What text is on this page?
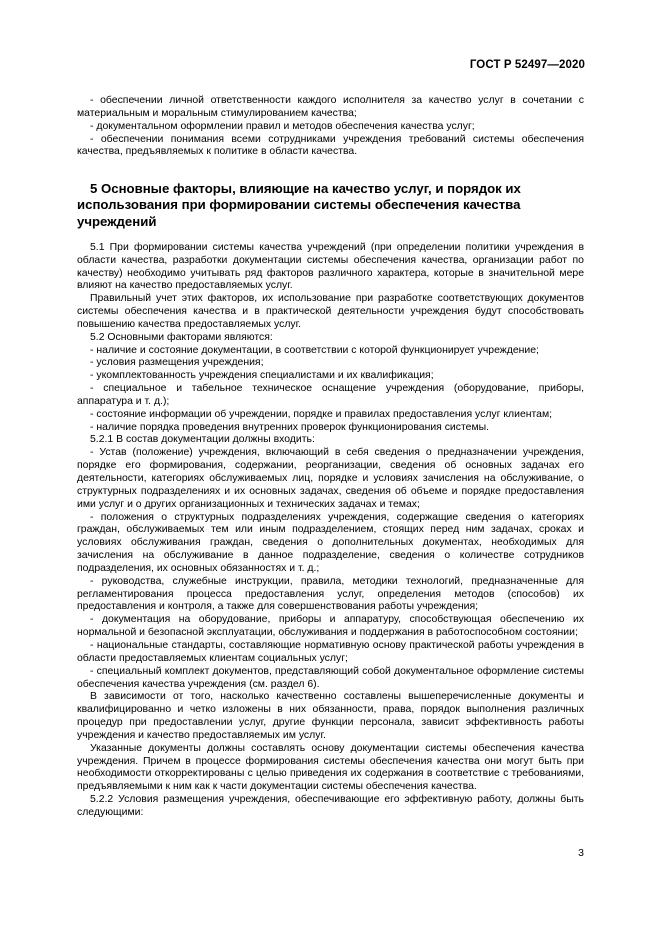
ГОСТ Р 52497—2020

- обеспечении личной ответственности каждого исполнителя за качество услуг в сочетании с материальным и моральным стимулированием качества;

- документальном оформлении правил и методов обеспечения качества услуг;

- обеспечении понимания всеми сотрудниками учреждения требований системы обеспечения качества, предъявляемых к политике в области качества.

5 Основные факторы, влияющие на качество услуг, и порядок их использования при формировании системы обеспечения качества учреждений

5.1 При формировании системы качества учреждений (при определении политики учреждения в области качества, разработки документации системы обеспечения качества, организации работ по качеству) необходимо учитывать ряд факторов различного характера, которые в значительной мере влияют на качество предоставляемых услуг.

Правильный учет этих факторов, их использование при разработке соответствующих документов системы обеспечения качества и в практической деятельности учреждения будут способствовать повышению качества предоставляемых услуг.

5.2 Основными факторами являются:

- наличие и состояние документации, в соответствии с которой функционирует учреждение;

- условия размещения учреждения;

- укомплектованность учреждения специалистами и их квалификация;

- специальное и табельное техническое оснащение учреждения (оборудование, приборы, аппаратура и т. д.);

- состояние информации об учреждении, порядке и правилах предоставления услуг клиентам;

- наличие порядка проведения внутренних проверок функционирования системы.

5.2.1 В состав документации должны входить:

- Устав (положение) учреждения, включающий в себя сведения о предназначении учреждения, порядке его формирования, содержании, реорганизации, сведения об основных задачах его деятельности, категориях обслуживаемых лиц, порядке и условиях зачисления на обслуживание, о структурных подразделениях и их основных задачах, сведения об объеме и порядке предоставления ими услуг и о других организационных и технических задачах и темах;

- положения о структурных подразделениях учреждения, содержащие сведения о категориях граждан, обслуживаемых тем или иным подразделением, стоящих перед ним задачах, сроках и условиях обслуживания граждан, сведения о дополнительных документах, необходимых для зачисления на обслуживание в данное подразделение, сведения о количестве сотрудников подразделения, их основных обязанностях и т. д.;

- руководства, служебные инструкции, правила, методики технологий, предназначенные для регламентирования процесса предоставления услуг, определения методов (способов) их предоставления и контроля, а также для совершенствования работы учреждения;

- документация на оборудование, приборы и аппаратуру, способствующая обеспечению их нормальной и безопасной эксплуатации, обслуживания и поддержания в работоспособном состоянии;

- национальные стандарты, составляющие нормативную основу практической работы учреждения в области предоставляемых клиентам социальных услуг;

- специальный комплект документов, представляющий собой документальное оформление системы обеспечения качества учреждения (см. раздел 6).

В зависимости от того, насколько качественно составлены вышеперечисленные документы и квалифицированно и четко изложены в них обязанности, права, порядок выполнения различных процедур при предоставлении услуг, другие функции персонала, зависит эффективность работы учреждения и качество предоставляемых им услуг.

Указанные документы должны составлять основу документации системы обеспечения качества учреждения. Причем в процессе формирования системы обеспечения качества они могут быть при необходимости откорректированы с целью приведения их содержания в соответствие с требованиями, предъявляемыми к ним как к части документации системы обеспечения качества.

5.2.2 Условия размещения учреждения, обеспечивающие его эффективную работу, должны быть следующими:

3
